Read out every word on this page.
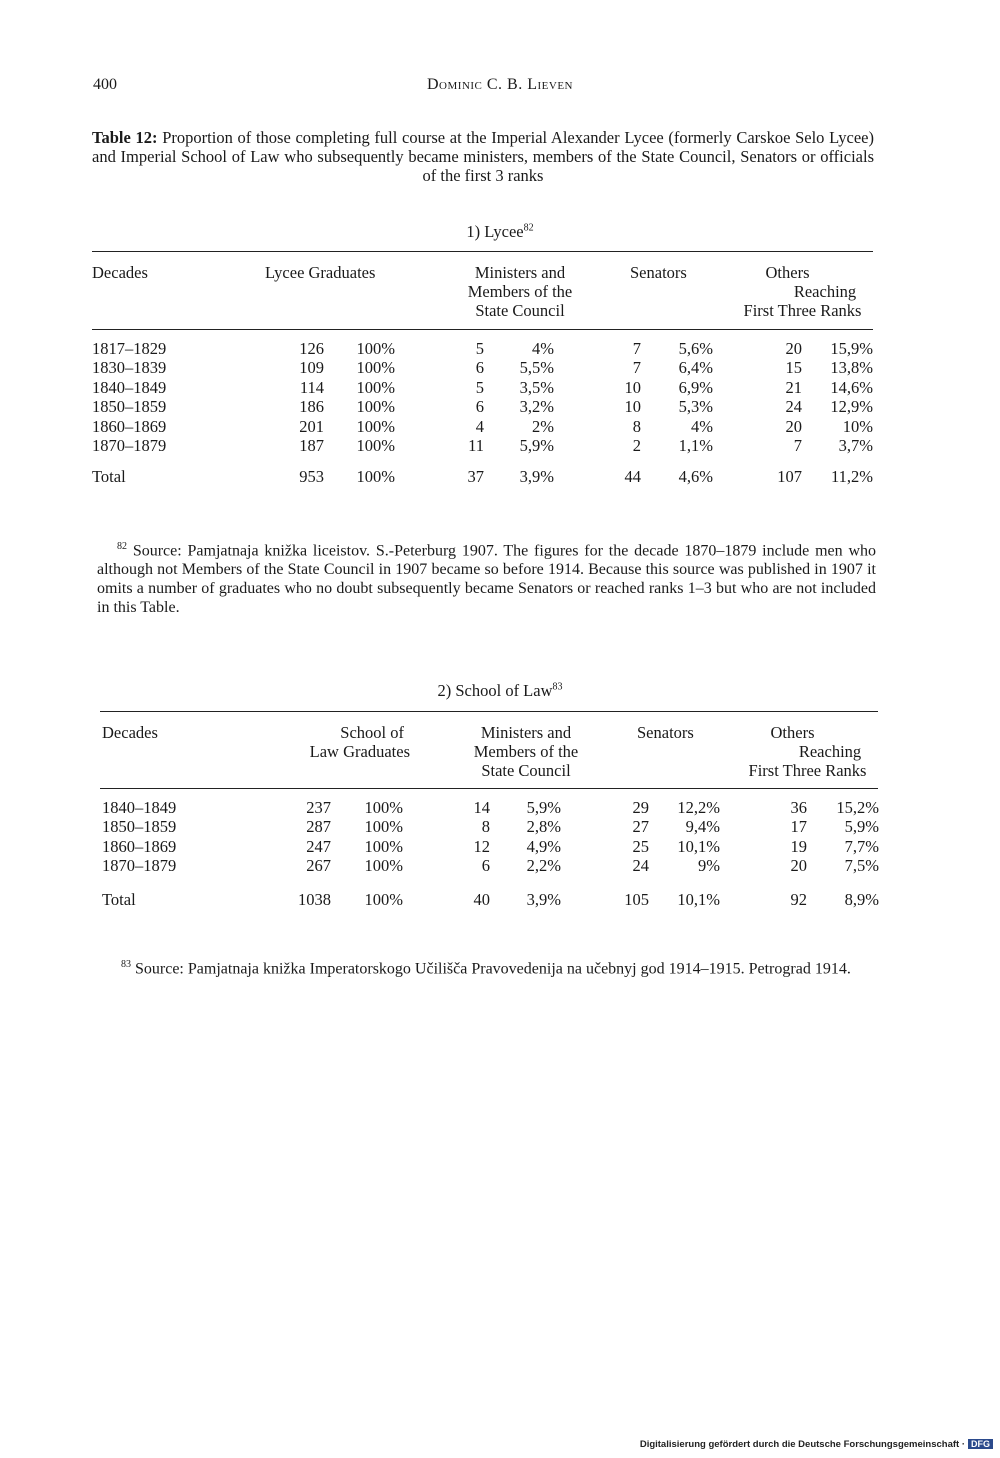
400	Dominic C. B. Lieven
Table 12: Proportion of those completing full course at the Imperial Alexander Lycee (formerly Carskoe Selo Lycee) and Imperial School of Law who subsequently became ministers, members of the State Council, Senators or officials of the first 3 ranks
1) Lycee$^{82}$
Decades	Lycee Graduates	Ministers and
Members of the
State Council
Senators	Others
Reaching
First Three Ranks
1817–1829	126 100%	5	4%	7 5,6%	20 15,9%
1830–1839	109 100%	6 5,5%	7 6,4%	15 13,8%
1840–1849	114 100%	5 3,5%	10 6,9%	21 14,6%
1850–1859	186 100%	6 3,2%	10 5,3%	24 12,9%
1860–1869	201 100%	4	2%	8	4%	20 10%
1870–1879	187 100%	11 5,9%	2 1,1%	7 3,7%
Total	953 100%	37 3,9%	44 4,6%	107 11,2%
$^{82}$ Source: Pamjatnaja knižka licеistov. S.-Peterburg 1907. The figures for the decade 1870–1879 include men who although not Members of the State Council in 1907 became so before 1914. Because this source was published in 1907 it omits a number of graduates who no doubt subsequently became Senators or reached ranks 1–3 but who are not included in this Table.
2) School of Law$^{83}$
Decades	School of
Law Graduates
Ministers and
Members of the
State Council
Senators	Others
Reaching
First Three Ranks
1840–1849	237 100%	14 5,9%	29 12,2%	36 15,2%
1850–1859	287 100%	8 2,8%	27 9,4%	17 5,9%
1860–1869	247 100%	12 4,9%	25 10,1%	19 7,7%
1870–1879	267 100%	6 2,2%	24	9%	20 7,5%
Total	1038 100%	40 3,9%	105 10,1%	92 8,9%
$^{83}$ Source: Pamjatnaja knižka Imperatorskogo Učilišča Pravovedenija na učebnyj god 1914–1915. Petrograd 1914.
Digitalisierung gefördert durch die Deutsche Forschungsgemeinschaft · DFG
